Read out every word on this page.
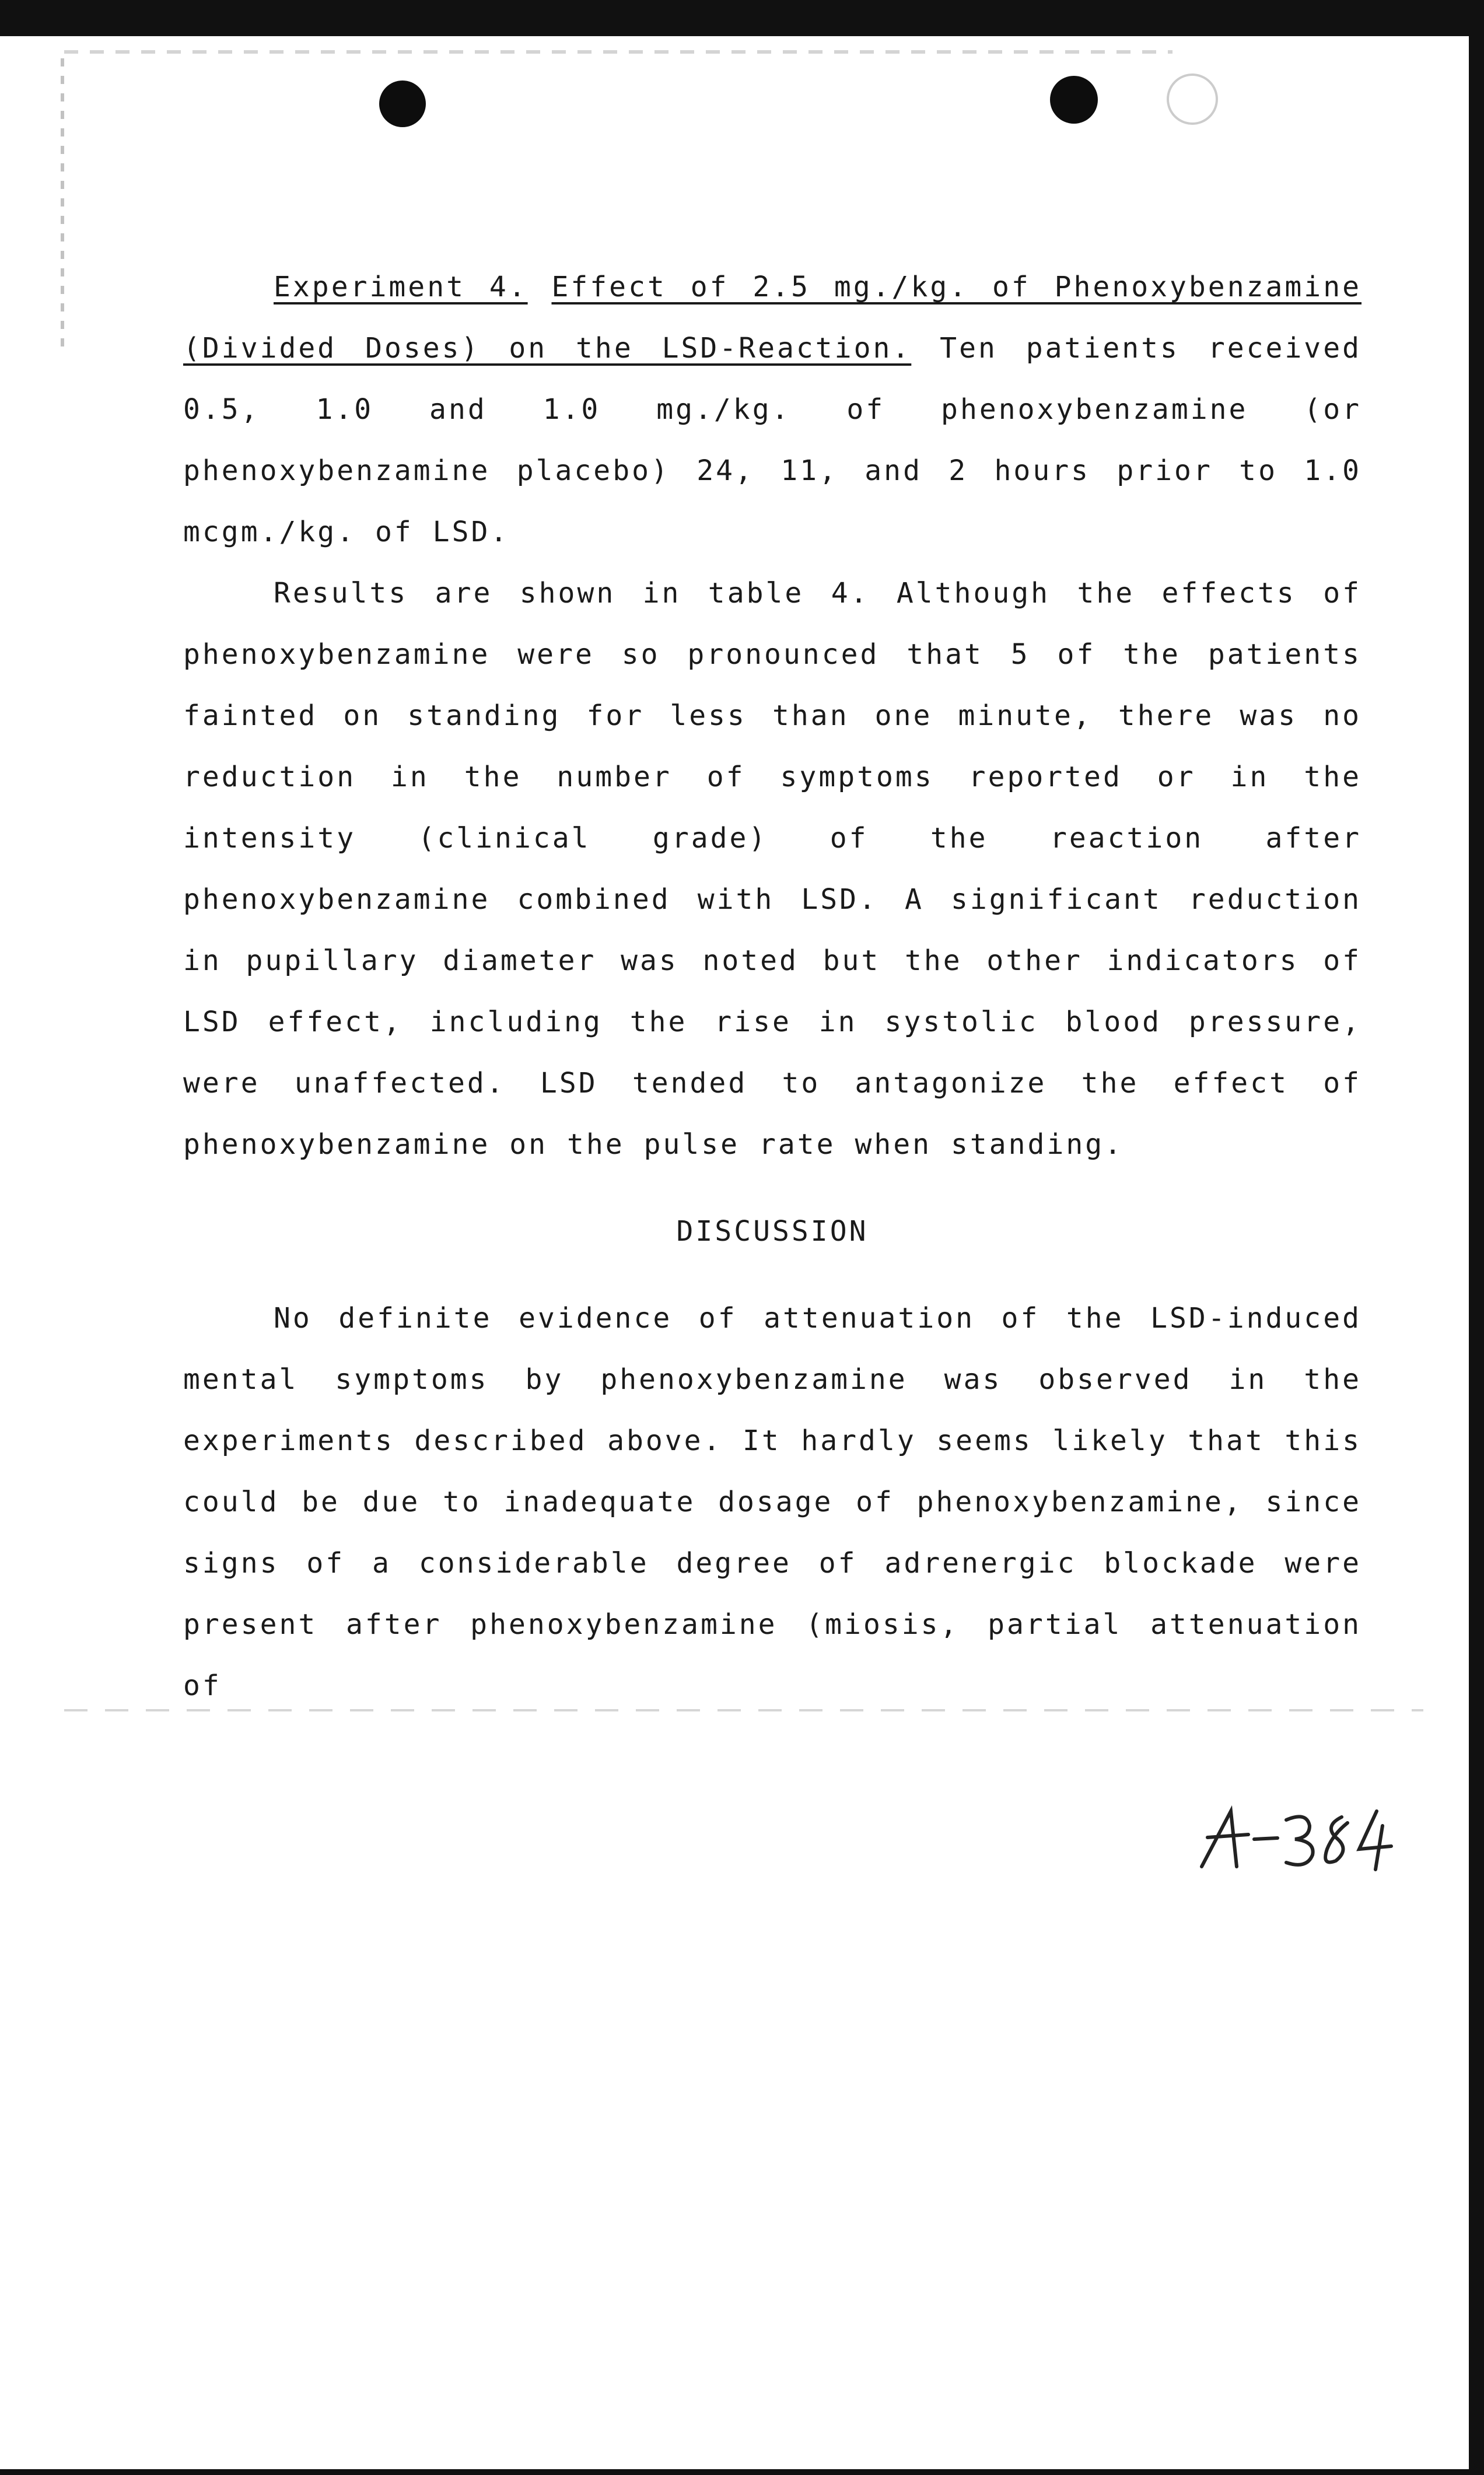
Experiment 4. Effect of 2.5 mg./kg. of Phenoxybenzamine (Divided Doses) on the LSD-Reaction. Ten patients received 0.5, 1.0 and 1.0 mg./kg. of phenoxybenzamine (or phenoxybenzamine placebo) 24, 11, and 2 hours prior to 1.0 mcgm./kg. of LSD.

Results are shown in table 4. Although the effects of phenoxybenzamine were so pronounced that 5 of the patients fainted on standing for less than one minute, there was no reduction in the number of symptoms reported or in the intensity (clinical grade) of the reaction after phenoxybenzamine combined with LSD. A significant reduction in pupillary diameter was noted but the other indicators of LSD effect, including the rise in systolic blood pressure, were unaffected. LSD tended to antagonize the effect of phenoxybenzamine on the pulse rate when standing.

DISCUSSION

No definite evidence of attenuation of the LSD-induced mental symptoms by phenoxybenzamine was observed in the experiments described above. It hardly seems likely that this could be due to inadequate dosage of phenoxybenzamine, since signs of a considerable degree of adrenergic blockade were present after phenoxybenzamine (miosis, partial attenuation of
